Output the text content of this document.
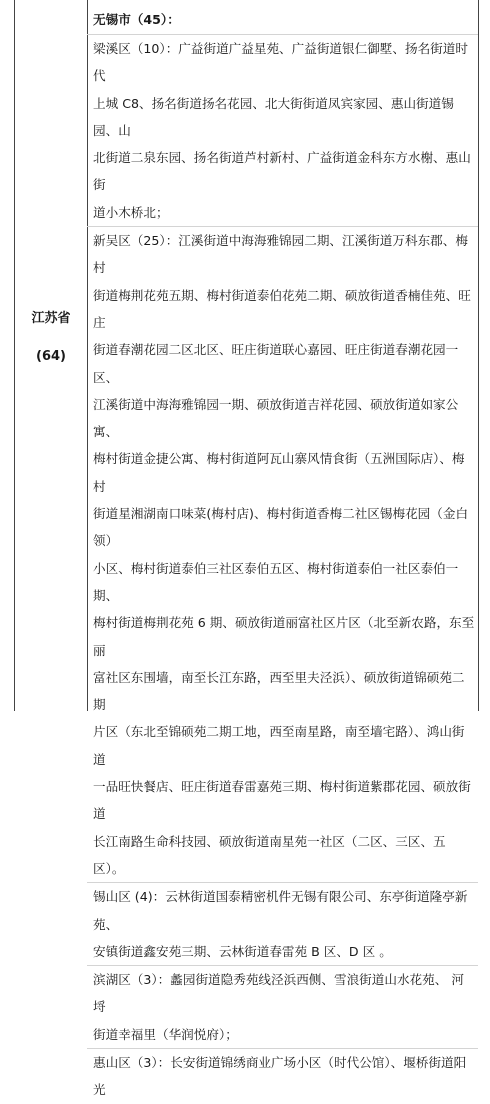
江苏省
(64)

无锡市（45）：

梁溪区（10）：广益街道广益星苑、广益街道银仁御墅、扬名街道时代

上城 C8、扬名街道扬名花园、北大街街道凤宾家园、惠山街道锡园、山

北街道二泉东园、扬名街道芦村新村、广益街道金科东方水榭、惠山街

道小木桥北；

新吴区（25）：江溪街道中海海雅锦园二期、江溪街道万科东郡、梅村

街道梅荆花苑五期、梅村街道泰伯花苑二期、硕放街道香楠佳苑、旺庄

街道春潮花园二区北区、旺庄街道联心嘉园、旺庄街道春潮花园一区、

江溪街道中海海雅锦园一期、硕放街道吉祥花园、硕放街道如家公寓、

梅村街道金捷公寓、梅村街道阿瓦山寨风情食街（五洲国际店）、梅村

街道星湘湖南口味菜(梅村店)、梅村街道香梅二社区锡梅花园（金白领）

小区、梅村街道泰伯三社区泰伯五区、梅村街道泰伯一社区泰伯一期、

梅村街道梅荆花苑 6 期、硕放街道丽富社区片区（北至新农路，东至丽

富社区东围墙，南至长江东路，西至里夫泾浜）、硕放街道锦硕苑二期

片区（东北至锦硕苑二期工地，西至南星路，南至墙宅路）、鸿山街道

一品旺快餐店、旺庄街道春雷嘉苑三期、梅村街道紫郡花园、硕放街道

长江南路生命科技园、硕放街道南星苑一社区（二区、三区、五区）。

锡山区 (4)：云林街道国泰精密机件无锡有限公司、东亭街道隆亭新苑、

安镇街道鑫安苑三期、云林街道春雷苑 B 区、D 区 。

滨湖区（3）：蠡园街道隐秀苑线泾浜西侧、雪浪街道山水花苑、 河埒

街道幸福里（华润悦府）；

惠山区（3）：长安街道锦绣商业广场小区（时代公馆）、堰桥街道阳光
